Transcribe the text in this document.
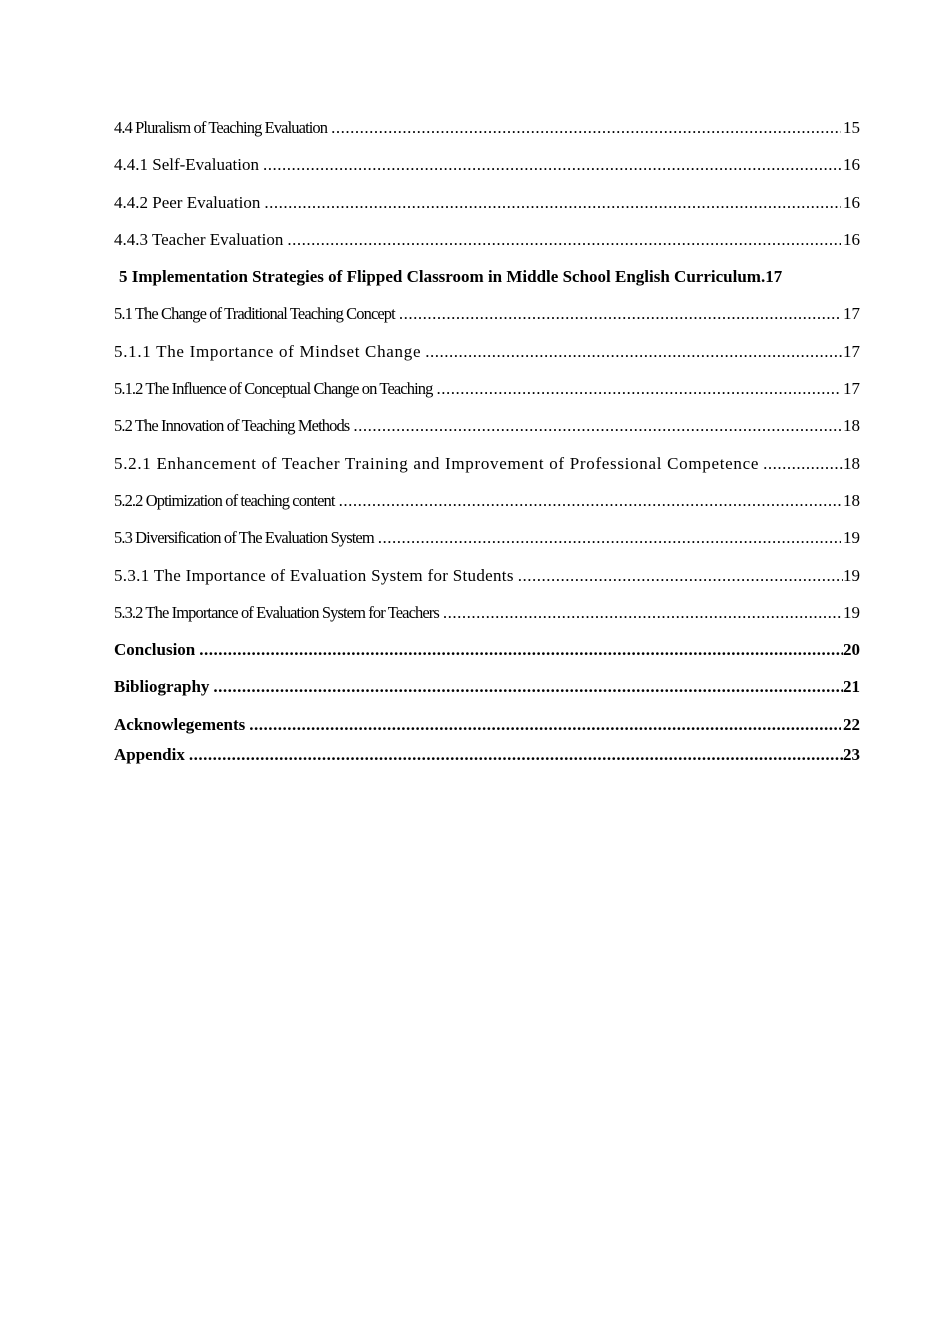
4.4 Pluralism of Teaching Evaluation .....	15
4.4.1 Self-Evaluation .....	16
4.4.2 Peer Evaluation .....	16
4.4.3 Teacher Evaluation .....	16
5 Implementation Strategies of Flipped Classroom in Middle School English Curriculum. 17
5.1 The Change of Traditional Teaching Concept .....	17
5.1.1 The Importance of Mindset Change .....	17
5.1.2 The Influence of Conceptual Change on Teaching .....	17
5.2 The Innovation of Teaching Methods .....	18
5.2.1 Enhancement of Teacher Training and Improvement of Professional Competence .....	18
5.2.2 Optimization of teaching content .....	18
5.3 Diversification of The Evaluation System .....	19
5.3.1 The Importance of Evaluation System for Students .....	19
5.3.2 The Importance of Evaluation System for Teachers .....	19
Conclusion .....	20
Bibliography .....	21
Acknowlegements .....	22
Appendix .....	23
